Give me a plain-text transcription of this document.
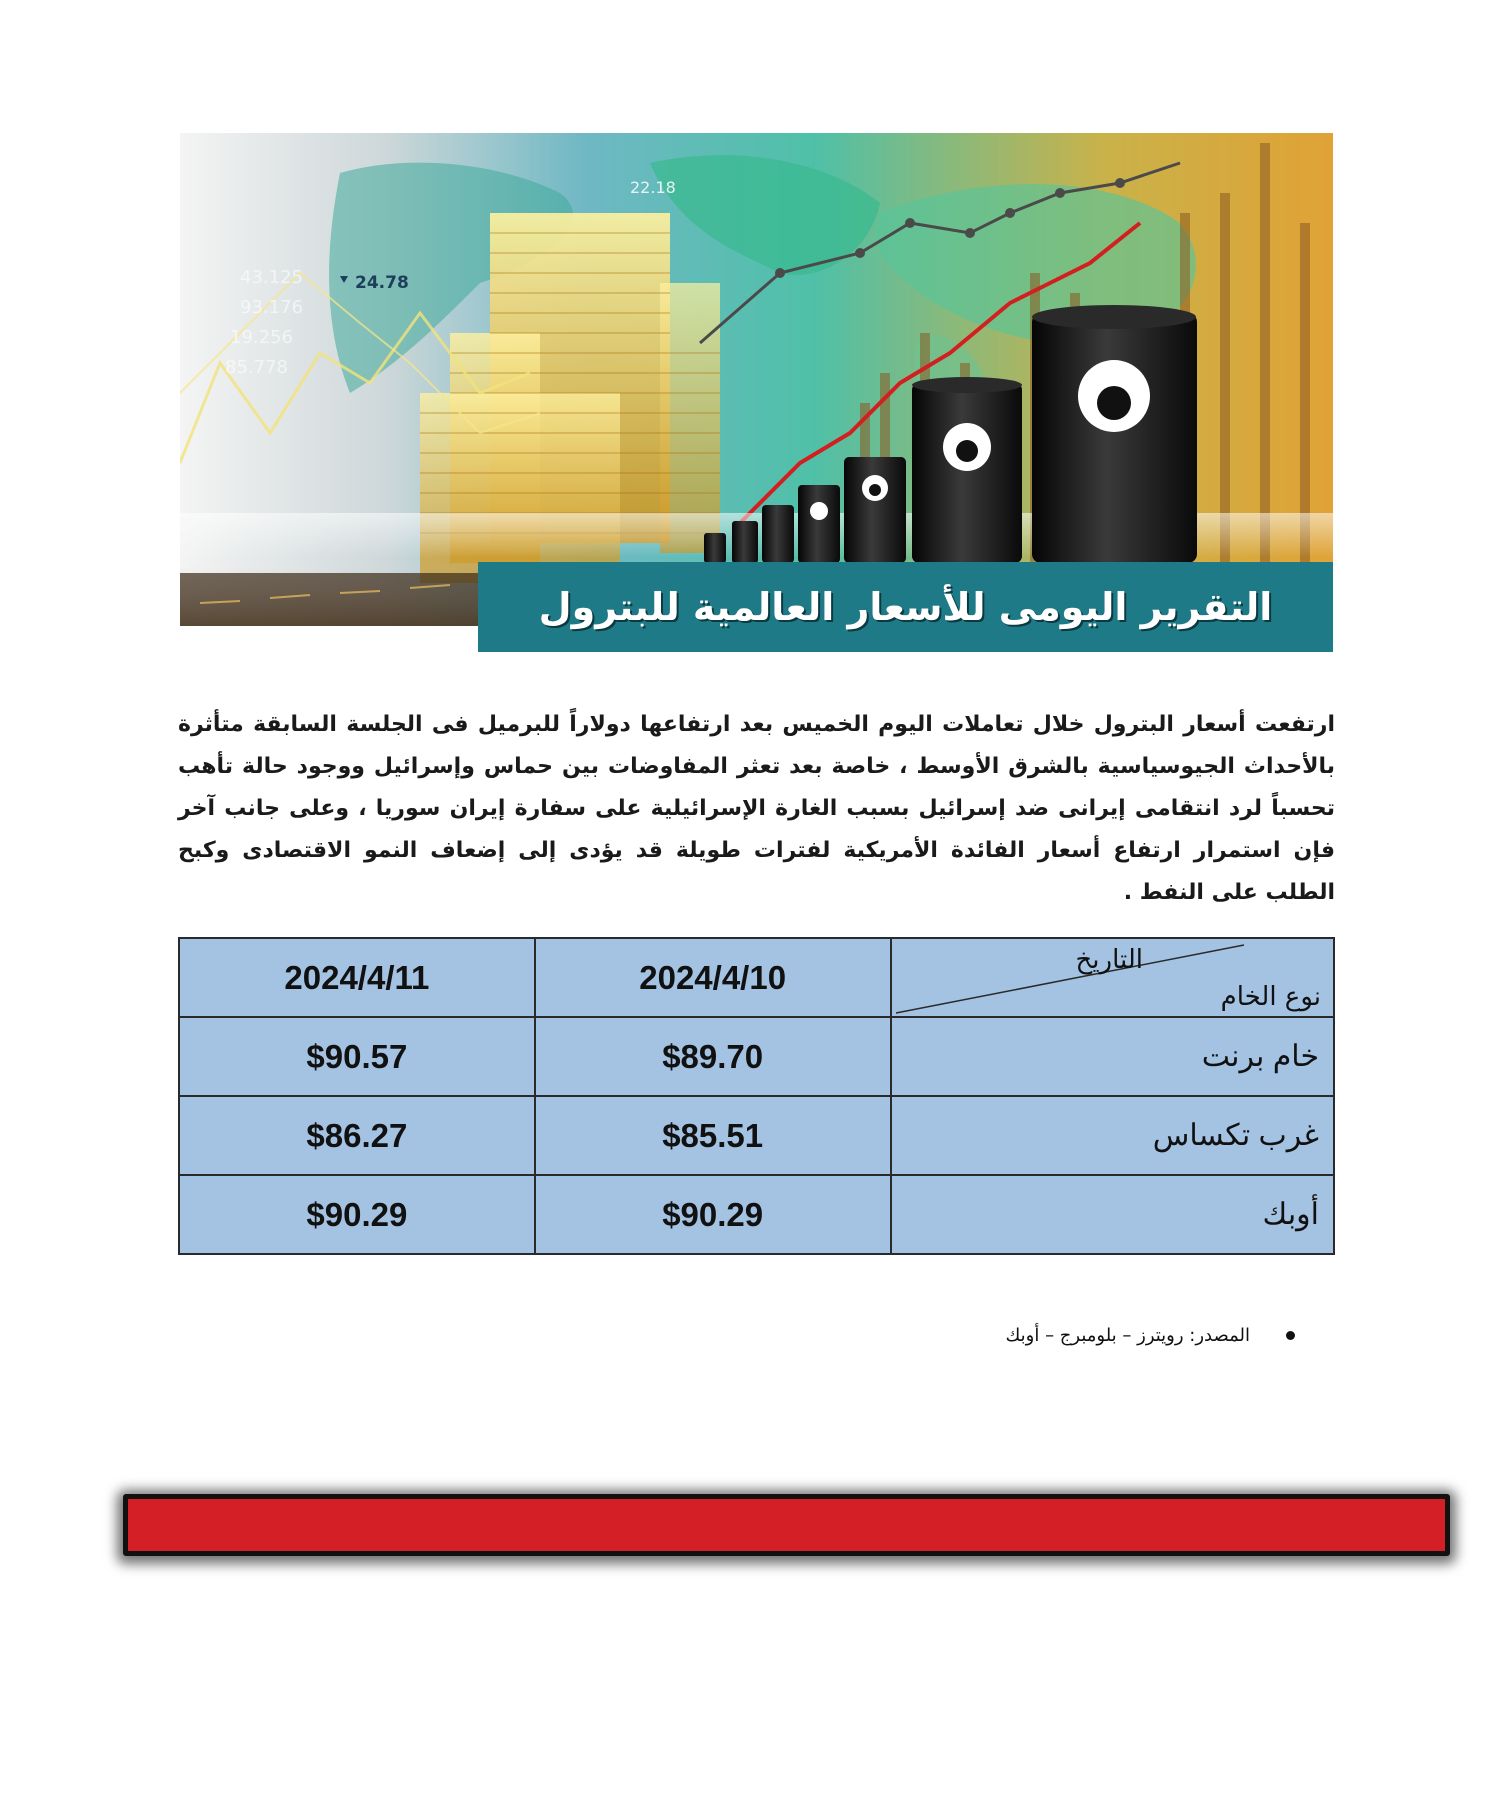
22.18
24.78
43.125
93.176
19.256
85.778
التقرير اليومى للأسعار العالمية للبترول
ارتفعت أسعار البترول خلال تعاملات اليوم الخميس بعد ارتفاعها دولاراً للبرميل فى الجلسة السابقة متأثرة بالأحداث الجيوسياسية بالشرق الأوسط ، خاصة بعد تعثر المفاوضات بين حماس وإسرائيل ووجود حالة تأهب تحسباً لرد انتقامى إيرانى ضد إسرائيل بسبب الغارة الإسرائيلية على سفارة إيران سوريا ، وعلى جانب آخر فإن استمرار ارتفاع أسعار الفائدة الأمريكية لفترات طويلة قد يؤدى إلى إضعاف النمو الاقتصادى وكبح الطلب على النفط .
التاريخ
نوع الخام	2024/4/10	2024/4/11
خام برنت	$89.70	$90.57
غرب تكساس	$85.51	$86.27
أوبك	$90.29	$90.29
المصدر: رويترز – بلومبرج – أوبك
